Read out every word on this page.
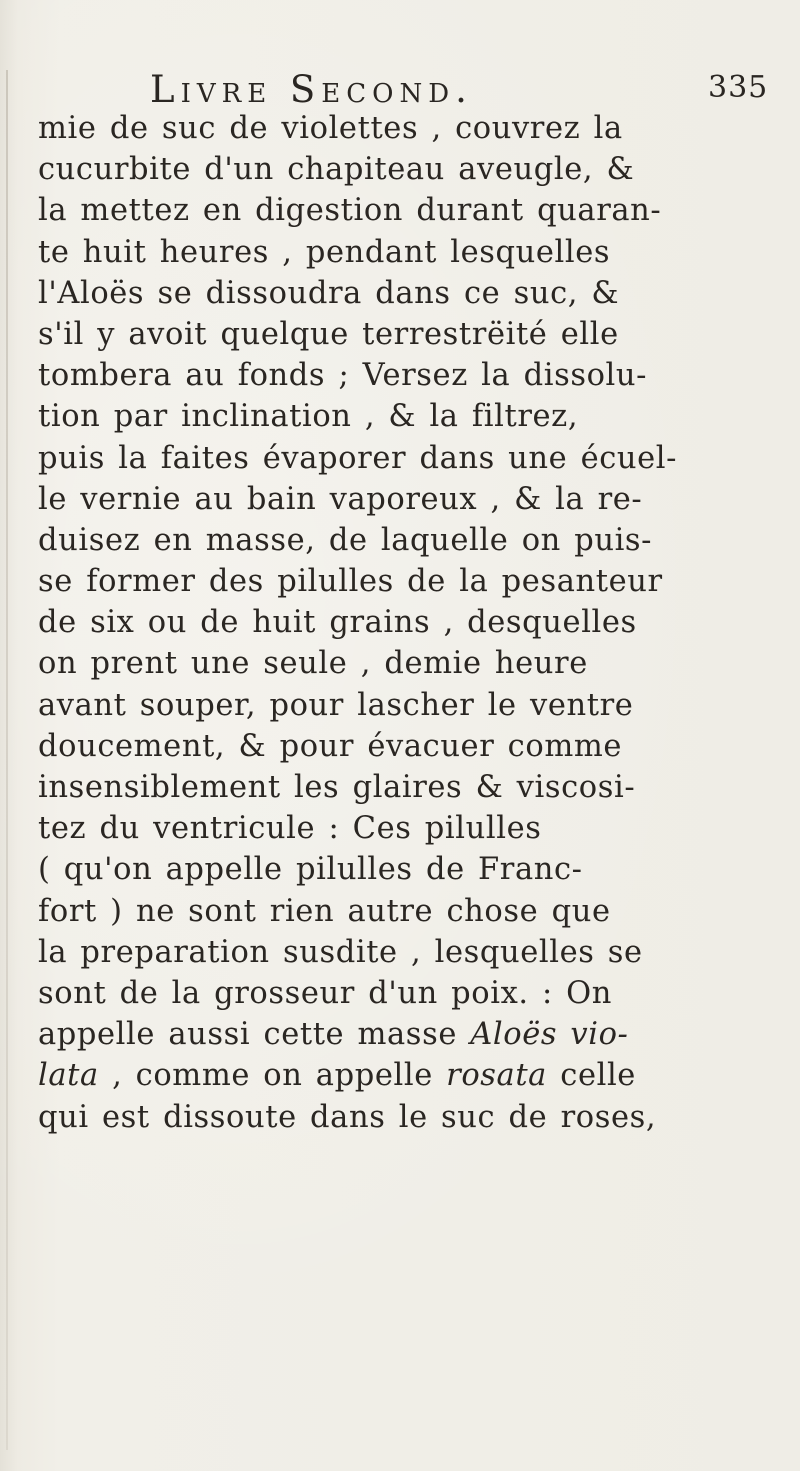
Livre Second.	335
mie de suc de violettes , couvrez la
cucurbite d'un chapiteau aveugle, &
la mettez en digestion durant quaran-
te huit heures , pendant lesquelles
l'Aloës se dissoudra dans ce suc, &
s'il y avoit quelque terrestrëité elle
tombera au fonds ; Versez la dissolu-
tion par inclination , & la filtrez,
puis la faites évaporer dans une écuel-
le vernie au bain vaporeux , & la re-
duisez en masse, de laquelle on puis-
se former des pilulles de la pesanteur
de six ou de huit grains , desquelles
on prent une seule , demie heure
avant souper, pour lascher le ventre
doucement, & pour évacuer comme
insensiblement les glaires & viscosi-
tez du ventricule : Ces pilulles
( qu'on appelle pilulles de Franc-
fort ) ne sont rien autre chose que
la preparation susdite , lesquelles se
sont de la grosseur d'un poix. : On
appelle aussi cette masse Aloës vio-
lata , comme on appelle rosata celle
qui est dissoute dans le suc de roses,
